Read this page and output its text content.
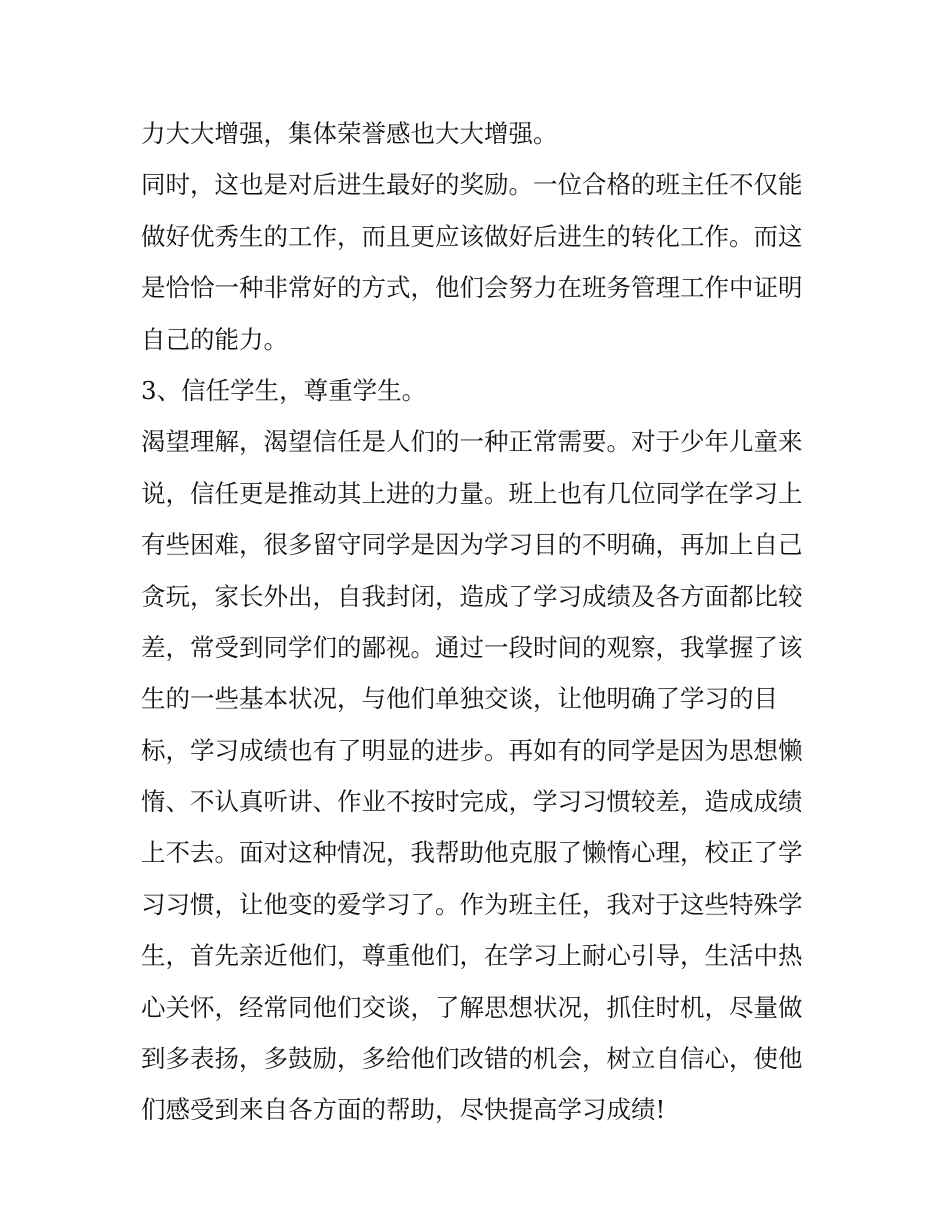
力大大增强，集体荣誉感也大大增强。
同时，这也是对后进生最好的奖励。一位合格的班主任不仅能
做好优秀生的工作，而且更应该做好后进生的转化工作。而这
是恰恰一种非常好的方式，他们会努力在班务管理工作中证明
自己的能力。
3、信任学生，尊重学生。
渴望理解，渴望信任是人们的一种正常需要。对于少年儿童来
说，信任更是推动其上进的力量。班上也有几位同学在学习上
有些困难，很多留守同学是因为学习目的不明确，再加上自己
贪玩，家长外出，自我封闭，造成了学习成绩及各方面都比较
差，常受到同学们的鄙视。通过一段时间的观察，我掌握了该
生的一些基本状况，与他们单独交谈，让他明确了学习的目
标，学习成绩也有了明显的进步。再如有的同学是因为思想懒
惰、不认真听讲、作业不按时完成，学习习惯较差，造成成绩
上不去。面对这种情况，我帮助他克服了懒惰心理，校正了学
习习惯，让他变的爱学习了。作为班主任，我对于这些特殊学
生，首先亲近他们，尊重他们，在学习上耐心引导，生活中热
心关怀，经常同他们交谈，了解思想状况，抓住时机，尽量做
到多表扬，多鼓励，多给他们改错的机会，树立自信心，使他
们感受到来自各方面的帮助，尽快提高学习成绩!
